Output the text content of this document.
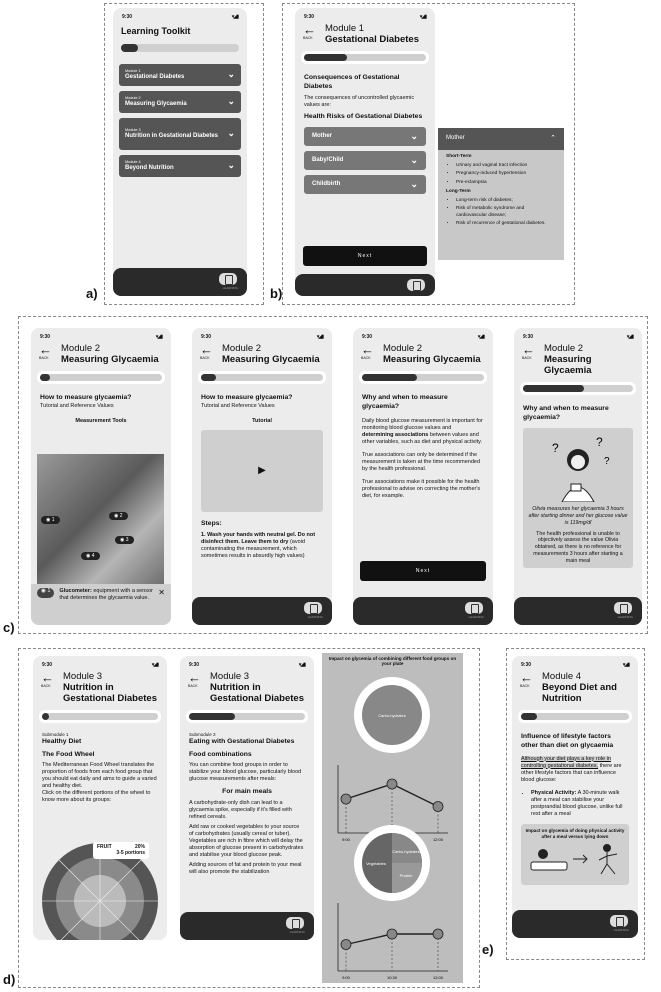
a)	b)
c)
d)
e)
9:30	▾◢▮
Learning Toolkit
Module 1
Gestational Diabetes	⌄
Module 2
Measuring Glycaemia	⌄
Module 3
Nutrition in Gestational Diabetes ⌄
Module 4
Beyond Nutrition	⌄
LEARNING
9:30	▾◢▮
←
BACK
Module 1
Gestational Diabetes
Consequences of Gestational Diabetes
The consequences of uncontrolled glycaemic values are:
Health Risks of Gestational Diabetes
Mother	⌄
Baby/Child	⌄
Childbirth	⌄
Next
Mother	⌃
Short-Term
• Urinary and vaginal tract infection
• Pregnancy-induced hypertension
• Pre-eclampsia
Long-Term
• Long-term risk of diabetes;
• Risk of metabolic syndrome and cardiovascular disease;
• Risk of recurrence of gestational diabetes.
9:30	▾◢▮
←
BACK
Module 2
Measuring Glycaemia
How to measure glycaemia?
Tutorial and Reference Values
Measurement Tools
◉ 1
◉ 2
◉ 3
◉ 4
◉ 1	Glucometer: equipment with a sensor that determines the glycaemia value.
✕
9:30	▾◢▮
←
BACK
Module 2
Measuring Glycaemia
How to measure glycaemia?
Tutorial and Reference Values
Tutorial
▶
Steps:
1. Wash your hands with neutral gel. Do not disinfect them. Leave them to dry (avoid contaminating the measurement, which sometimes results in absurdly high values)
LEARNING
9:30	▾◢▮
←
BACK
Module 2
Measuring Glycaemia
Why and when to measure glycaemia?
Daily blood glucose measurement is important for monitoring blood glucose values and determining associations between values and other variables, such as diet and physical activity.
True associations can only be determined if the measurement is taken at the time recommended by the health professional.
True associations make it possible for the health professional to advise on correcting the mother's diet, for example.
Next
LEARNING
9:30	▾◢▮
←
BACK
Module 2
Measuring Glycaemia
Why and when to measure glycaemia?
?	?
?
Olivia measures her glycaemia 3 hours after starting dinner and her glucose value is 119mg/dl
The health professional is unable to objectively assess the value Olivia obtained, as there is no reference for measurements 3 hours after starting a main meal
LEARNING
9:30	▾◢▮
←
BACK
Module 3
Nutrition in Gestational Diabetes
Submodule 1
Healthy Diet
The Food Wheel
The Mediterranean Food Wheel translates the proportion of foods from each food group that you should eat daily and aims to guide a varied and healthy diet.
Click on the different portions of the wheel to know more about its groups:
FRUIT	20%
3-5 portions
9:30	▾◢▮
←
BACK
Module 3
Nutrition in Gestational Diabetes
Submodule 3
Eating with Gestational Diabetes
Food combinations
You can combine food groups in order to stabilize your blood glucose, particularly blood glucose measurements after meals:
For main meals
A carbohydrate-only dish can lead to a glycaemia spike, especially if it's filled with refined cereals.
Add raw or cooked vegetables to your source of carbohydrates (usually cereal or tuber). Vegetables are rich in fibre which will delay the absorption of glucose present in carbohydrates and stabilise your blood glucose peak.
Adding sources of fat and protein to your meal will also promote the stabilization
LEARNING
Impact on glycemia of combining different food groups on your plate
Carbo-hydrates
9:00	12:00
Vegetables
Carbo-hydrates
Protein
9:00	10:30	12:00
9:30	▾◢▮
←
BACK
Module 4
Beyond Diet and Nutrition
Influence of lifestyle factors other than diet on glycaemia
Although your diet plays a key role in controlling gestational diabetes, there are other lifestyle factors that can influence blood glucose:
• Physical Activity: A 30-minute walk after a meal can stabilise your postprandial blood glucose, unlike full rest after a meal
Impact on glycemia of doing physical activity after a meal versus lying down
LEARNING
